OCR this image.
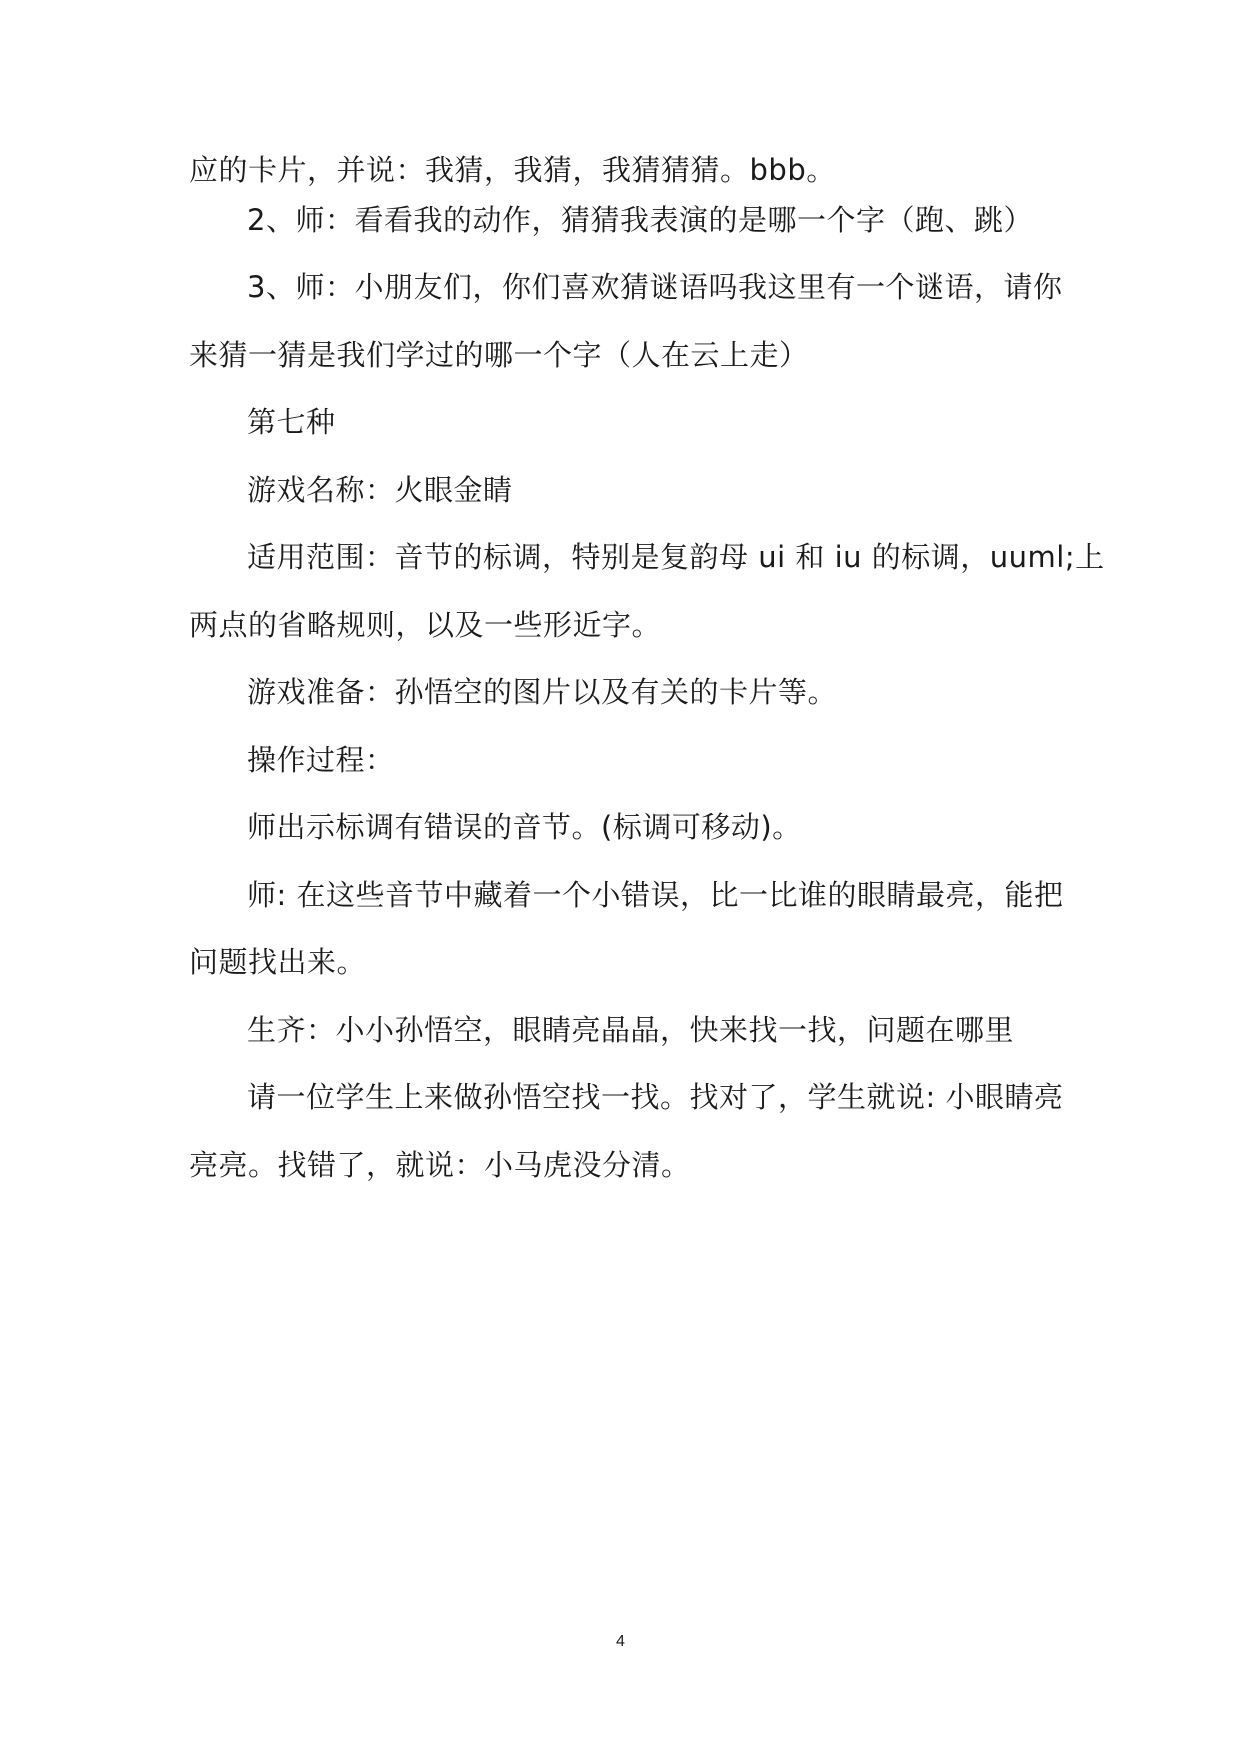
应的卡片，并说：我猜，我猜，我猜猜猜。bbb。
2、师：看看我的动作，猜猜我表演的是哪一个字（跑、跳）
3、师：小朋友们，你们喜欢猜谜语吗我这里有一个谜语，请你
来猜一猜是我们学过的哪一个字（人在云上走）
第七种
游戏名称：火眼金睛
适用范围：音节的标调，特别是复韵母 ui 和 iu 的标调，uuml;上
两点的省略规则，以及一些形近字。
游戏准备：孙悟空的图片以及有关的卡片等。
操作过程：
师出示标调有错误的音节。(标调可移动)。
师: 在这些音节中藏着一个小错误，比一比谁的眼睛最亮，能把
问题找出来。
生齐：小小孙悟空，眼睛亮晶晶，快来找一找，问题在哪里
请一位学生上来做孙悟空找一找。找对了，学生就说: 小眼睛亮
亮亮。找错了，就说：小马虎没分清。
4
